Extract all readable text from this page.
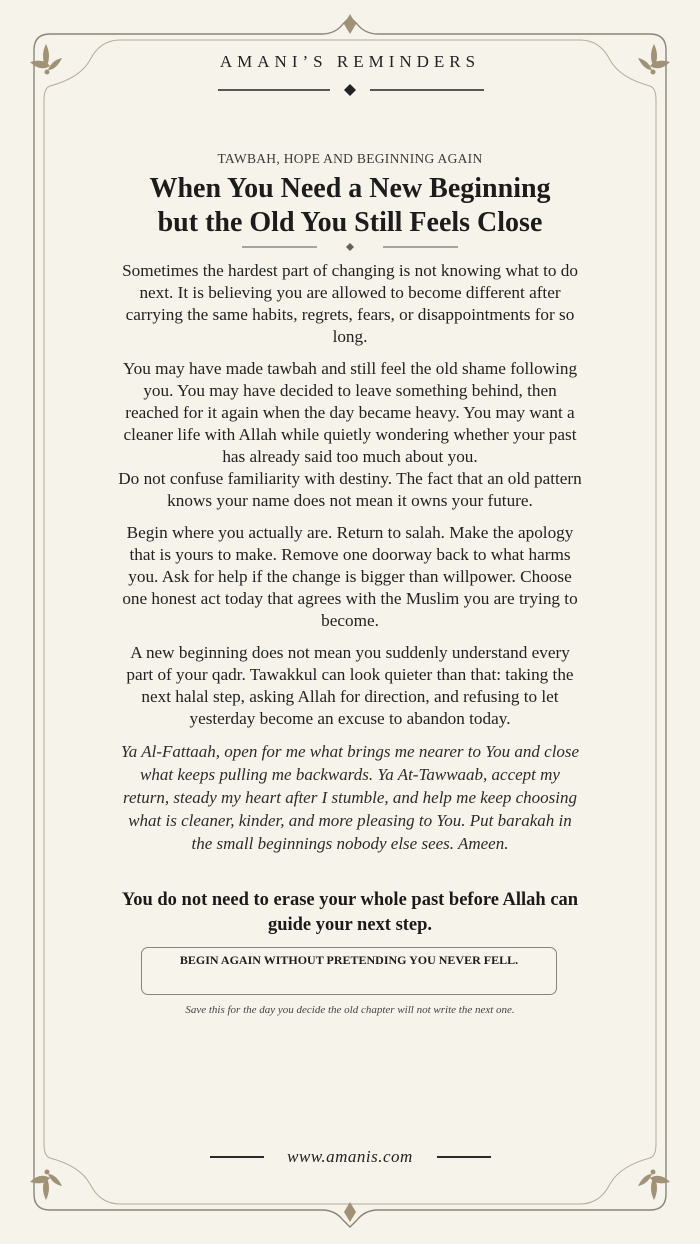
AMANI’S REMINDERS
TAWBAH, HOPE AND BEGINNING AGAIN
When You Need a New Beginning
but the Old You Still Feels Close

Sometimes the hardest part of changing is not knowing what to do next. It is believing you are allowed to become different after carrying the same habits, regrets, fears, or disappointments for so long.

You may have made tawbah and still feel the old shame following you. You may have decided to leave something behind, then reached for it again when the day became heavy. You may want a cleaner life with Allah while quietly wondering whether your past has already said too much about you.

Do not confuse familiarity with destiny. The fact that an old pattern knows your name does not mean it owns your future.

Begin where you actually are. Return to salah. Make the apology that is yours to make. Remove one doorway back to what harms you. Ask for help if the change is bigger than willpower. Choose one honest act today that agrees with the Muslim you are trying to become.

A new beginning does not mean you suddenly understand every part of your qadr. Tawakkul can look quieter than that: taking the next halal step, asking Allah for direction, and refusing to let yesterday become an excuse to abandon today.

Ya Al-Fattaah, open for me what brings me nearer to You and close what keeps pulling me backwards. Ya At-Tawwaab, accept my return, steady my heart after I stumble, and help me keep choosing what is cleaner, kinder, and more pleasing to You. Put barakah in the small beginnings nobody else sees. Ameen.

You do not need to erase your whole past before Allah can guide your next step.
BEGIN AGAIN WITHOUT PRETENDING YOU NEVER FELL.
Save this for the day you decide the old chapter will not write the next one.
www.amanis.com
